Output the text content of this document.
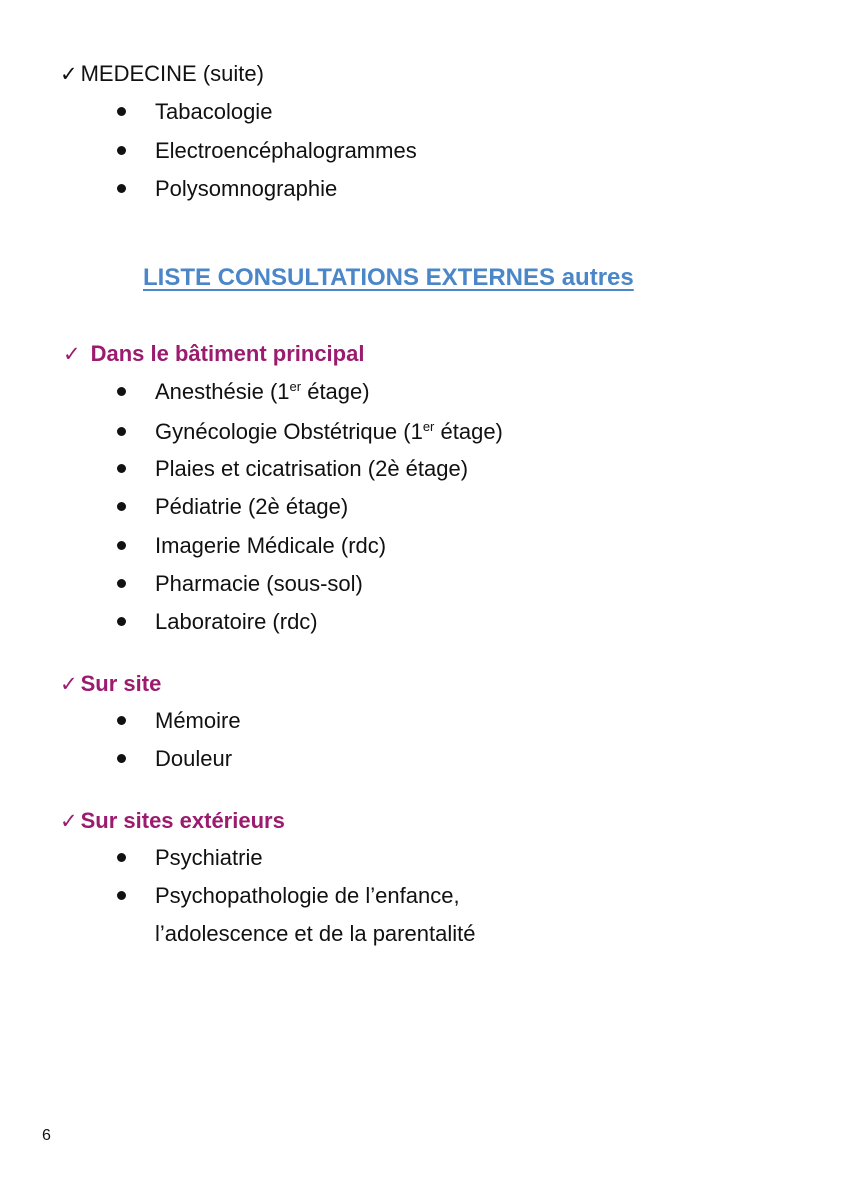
✓ MEDECINE (suite)
Tabacologie
Electroencéphalogrammes
Polysomnographie
LISTE CONSULTATIONS EXTERNES autres
✓ Dans le bâtiment principal
Anesthésie (1er étage)
Gynécologie Obstétrique (1er étage)
Plaies et cicatrisation (2è étage)
Pédiatrie (2è étage)
Imagerie Médicale (rdc)
Pharmacie (sous-sol)
Laboratoire (rdc)
✓ Sur site
Mémoire
Douleur
✓ Sur sites extérieurs
Psychiatrie
Psychopathologie de l’enfance, l’adolescence et de la parentalité
6
